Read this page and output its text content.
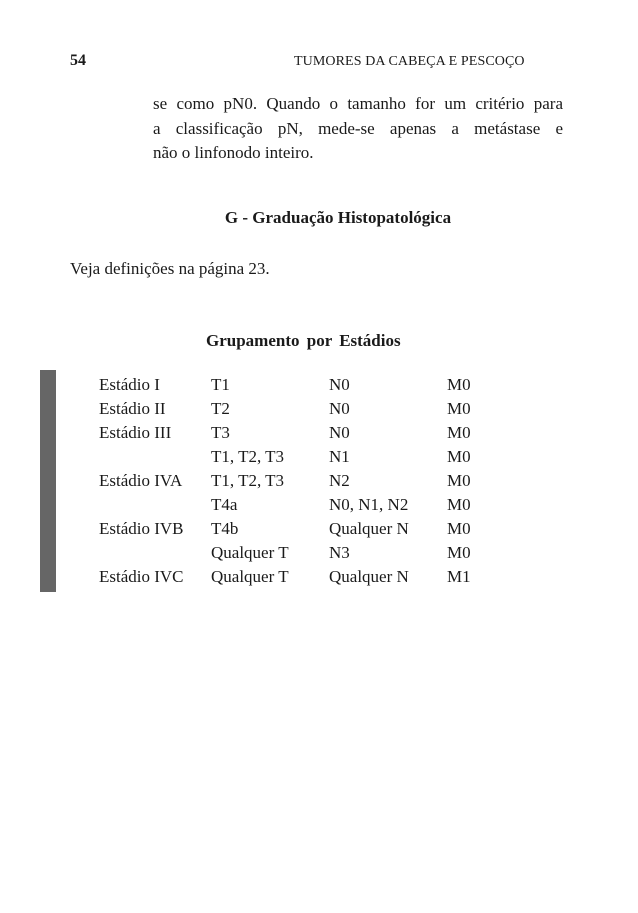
54	TUMORES DA CABEÇA E PESCOÇO

se como pN0. Quando o tamanho for um critério para
a classificação pN, mede-se apenas a metástase e
não o linfonodo inteiro.

G - Graduação Histopatológica

Veja definições na página 23.

Grupamento por Estádios
Estádio I	T1	N0	M0
Estádio II	T2	N0	M0
Estádio III	T3	N0	M0
	T1, T2, T3	N1	M0
Estádio IVA	T1, T2, T3	N2	M0
	T4a	N0, N1, N2	M0
Estádio IVB	T4b	Qualquer N	M0
	Qualquer T	N3	M0
Estádio IVC	Qualquer T	Qualquer N	M1
